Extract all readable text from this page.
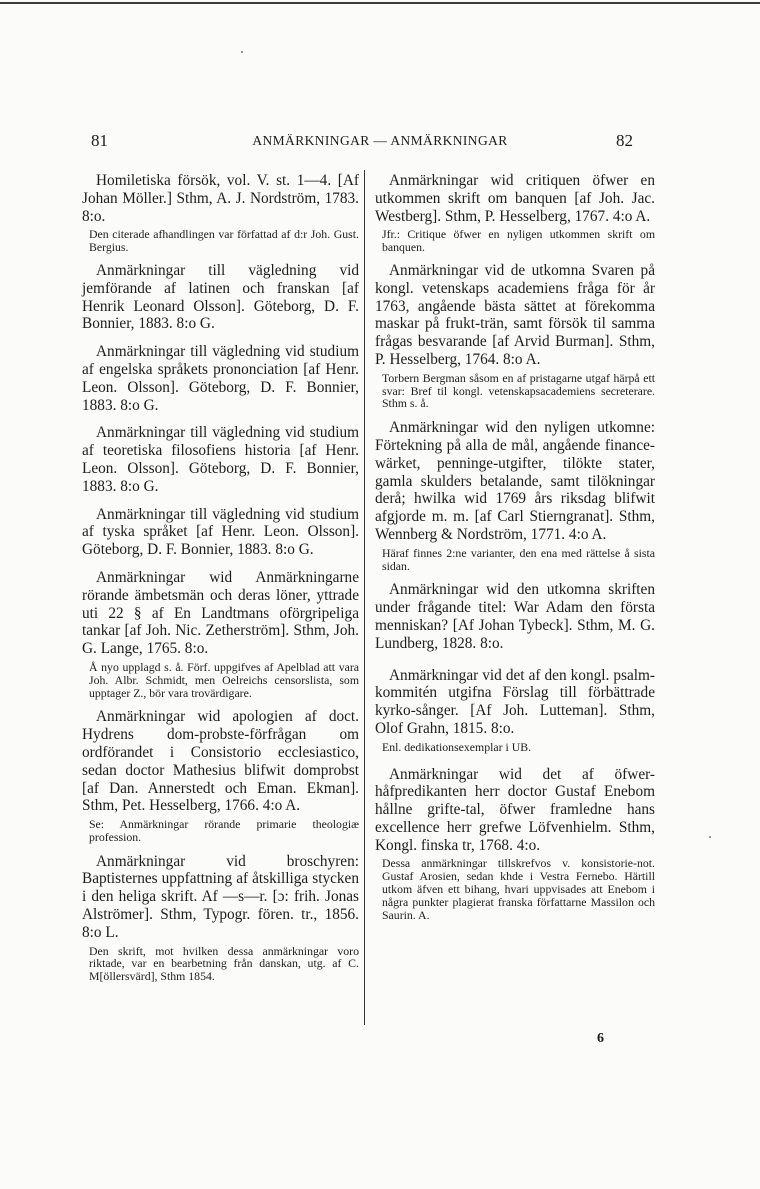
81	ANMÄRKNINGAR — ANMÄRKNINGAR	82
Homiletiska försök, vol. V. st. 1—4. [Af Johan Möller.] Sthm, A. J. Nordström, 1783. 8:o.
Den citerade afhandlingen var författad af d:r Joh. Gust. Bergius.
Anmärkningar till vägledning vid jemförande af latinen och franskan [af Henrik Leonard Olsson]. Göteborg, D. F. Bonnier, 1883. 8:o G.
Anmärkningar till vägledning vid studium af engelska språkets prononciation [af Henr. Leon. Olsson]. Göteborg, D. F. Bonnier, 1883. 8:o G.
Anmärkningar till vägledning vid studium af teoretiska filosofiens historia [af Henr. Leon. Olsson]. Göteborg, D. F. Bonnier, 1883. 8:o G.
Anmärkningar till vägledning vid studium af tyska språket [af Henr. Leon. Olsson]. Göteborg, D. F. Bonnier, 1883. 8:o G.
Anmärkningar wid Anmärkningarne rörande ämbetsmän och deras löner, yttrade uti 22 § af En Landtmans oförgripeliga tankar [af Joh. Nic. Zetherström]. Sthm, Joh. G. Lange, 1765. 8:o.
Å nyo upplagd s. å. Förf. uppgifves af Apelblad att vara Joh. Albr. Schmidt, men Oelreichs censorslista, som upptager Z., bör vara trovärdigare.
Anmärkningar wid apologien af doct. Hydrens dom-probste-förfrågan om ordförandet i Consistorio ecclesiastico, sedan doctor Mathesius blifwit domprobst [af Dan. Annerstedt och Eman. Ekman]. Sthm, Pet. Hesselberg, 1766. 4:o A.
Se: Anmärkningar rörande primarie theologiæ profession.
Anmärkningar vid broschyren: Baptisternes uppfattning af åtskilliga stycken i den heliga skrift. Af —s—r. [ɔ: frih. Jonas Alströmer]. Sthm, Typogr. fören. tr., 1856. 8:o L.
Den skrift, mot hvilken dessa anmärkningar voro riktade, var en bearbetning från danskan, utg. af C. M[öllersvärd], Sthm 1854.
Anmärkningar wid critiquen öfwer en utkommen skrift om banquen [af Joh. Jac. Westberg]. Sthm, P. Hesselberg, 1767. 4:o A.
Jfr.: Critique öfwer en nyligen utkommen skrift om banquen.
Anmärkningar vid de utkomna Svaren på kongl. vetenskaps academiens fråga för år 1763, angående bästa sättet at förekomma maskar på frukt-trän, samt försök til samma frågas besvarande [af Arvid Burman]. Sthm, P. Hesselberg, 1764. 8:o A.
Torbern Bergman såsom en af pristagarne utgaf härpå ett svar: Bref til kongl. vetenskapsacademiens secreterare. Sthm s. å.
Anmärkningar wid den nyligen utkomne: Förtekning på alla de mål, angående finance-wärket, penninge-utgifter, tilökte stater, gamla skulders betalande, samt tilökningar derå; hwilka wid 1769 års riksdag blifwit afgjorde m. m. [af Carl Stierngranat]. Sthm, Wennberg & Nordström, 1771. 4:o A.
Häraf finnes 2:ne varianter, den ena med rättelse å sista sidan.
Anmärkningar wid den utkomna skriften under frågande titel: War Adam den första menniskan? [Af Johan Tybeck]. Sthm, M. G. Lundberg, 1828. 8:o.
Anmärkningar vid det af den kongl. psalm-kommitén utgifna Förslag till förbättrade kyrko-sånger. [Af Joh. Lutteman]. Sthm, Olof Grahn, 1815. 8:o.
Enl. dedikationsexemplar i UB.
Anmärkningar wid det af öfwer-håfpredikanten herr doctor Gustaf Enebom hållne grifte-tal, öfwer framledne hans excellence herr grefwe Löfvenhielm. Sthm, Kongl. finska tr, 1768. 4:o.
Dessa anmärkningar tillskrefvos v. konsistorie-not. Gustaf Arosien, sedan khde i Vestra Fernebo. Härtill utkom äfven ett bihang, hvari uppvisades att Enebom i några punkter plagierat franska författarne Massilon och Saurin. A.
6
